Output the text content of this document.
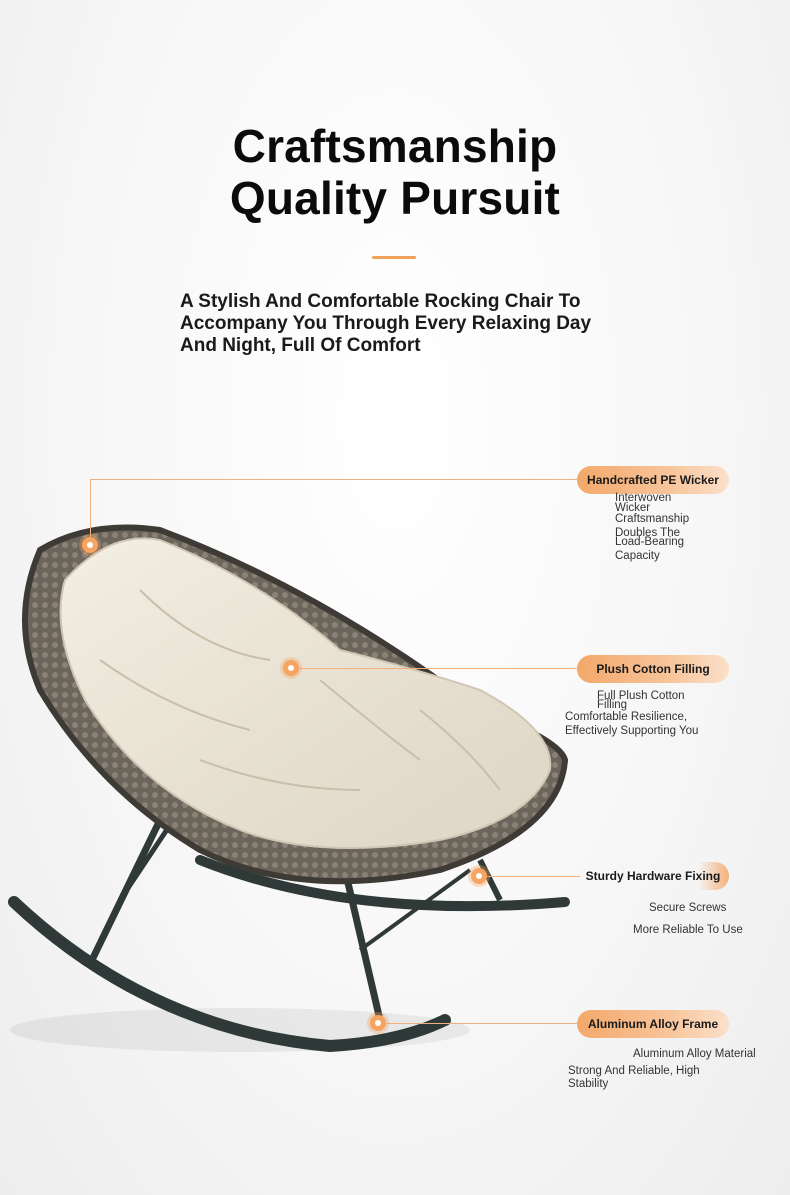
Craftsmanship
Quality Pursuit
A Stylish And Comfortable Rocking Chair To
Accompany You Through Every Relaxing Day
And Night, Full Of Comfort
Handcrafted PE Wicker
Interwoven
Wicker
Craftsmanship
Doubles The
Load-Bearing
Capacity
Plush Cotton Filling
Full Plush Cotton
Filling
Comfortable Resilience,
Effectively Supporting You
Sturdy Hardware Fixing
Secure Screws
More Reliable To Use
Aluminum Alloy Frame
Aluminum Alloy Material
Strong And Reliable, High
Stability
